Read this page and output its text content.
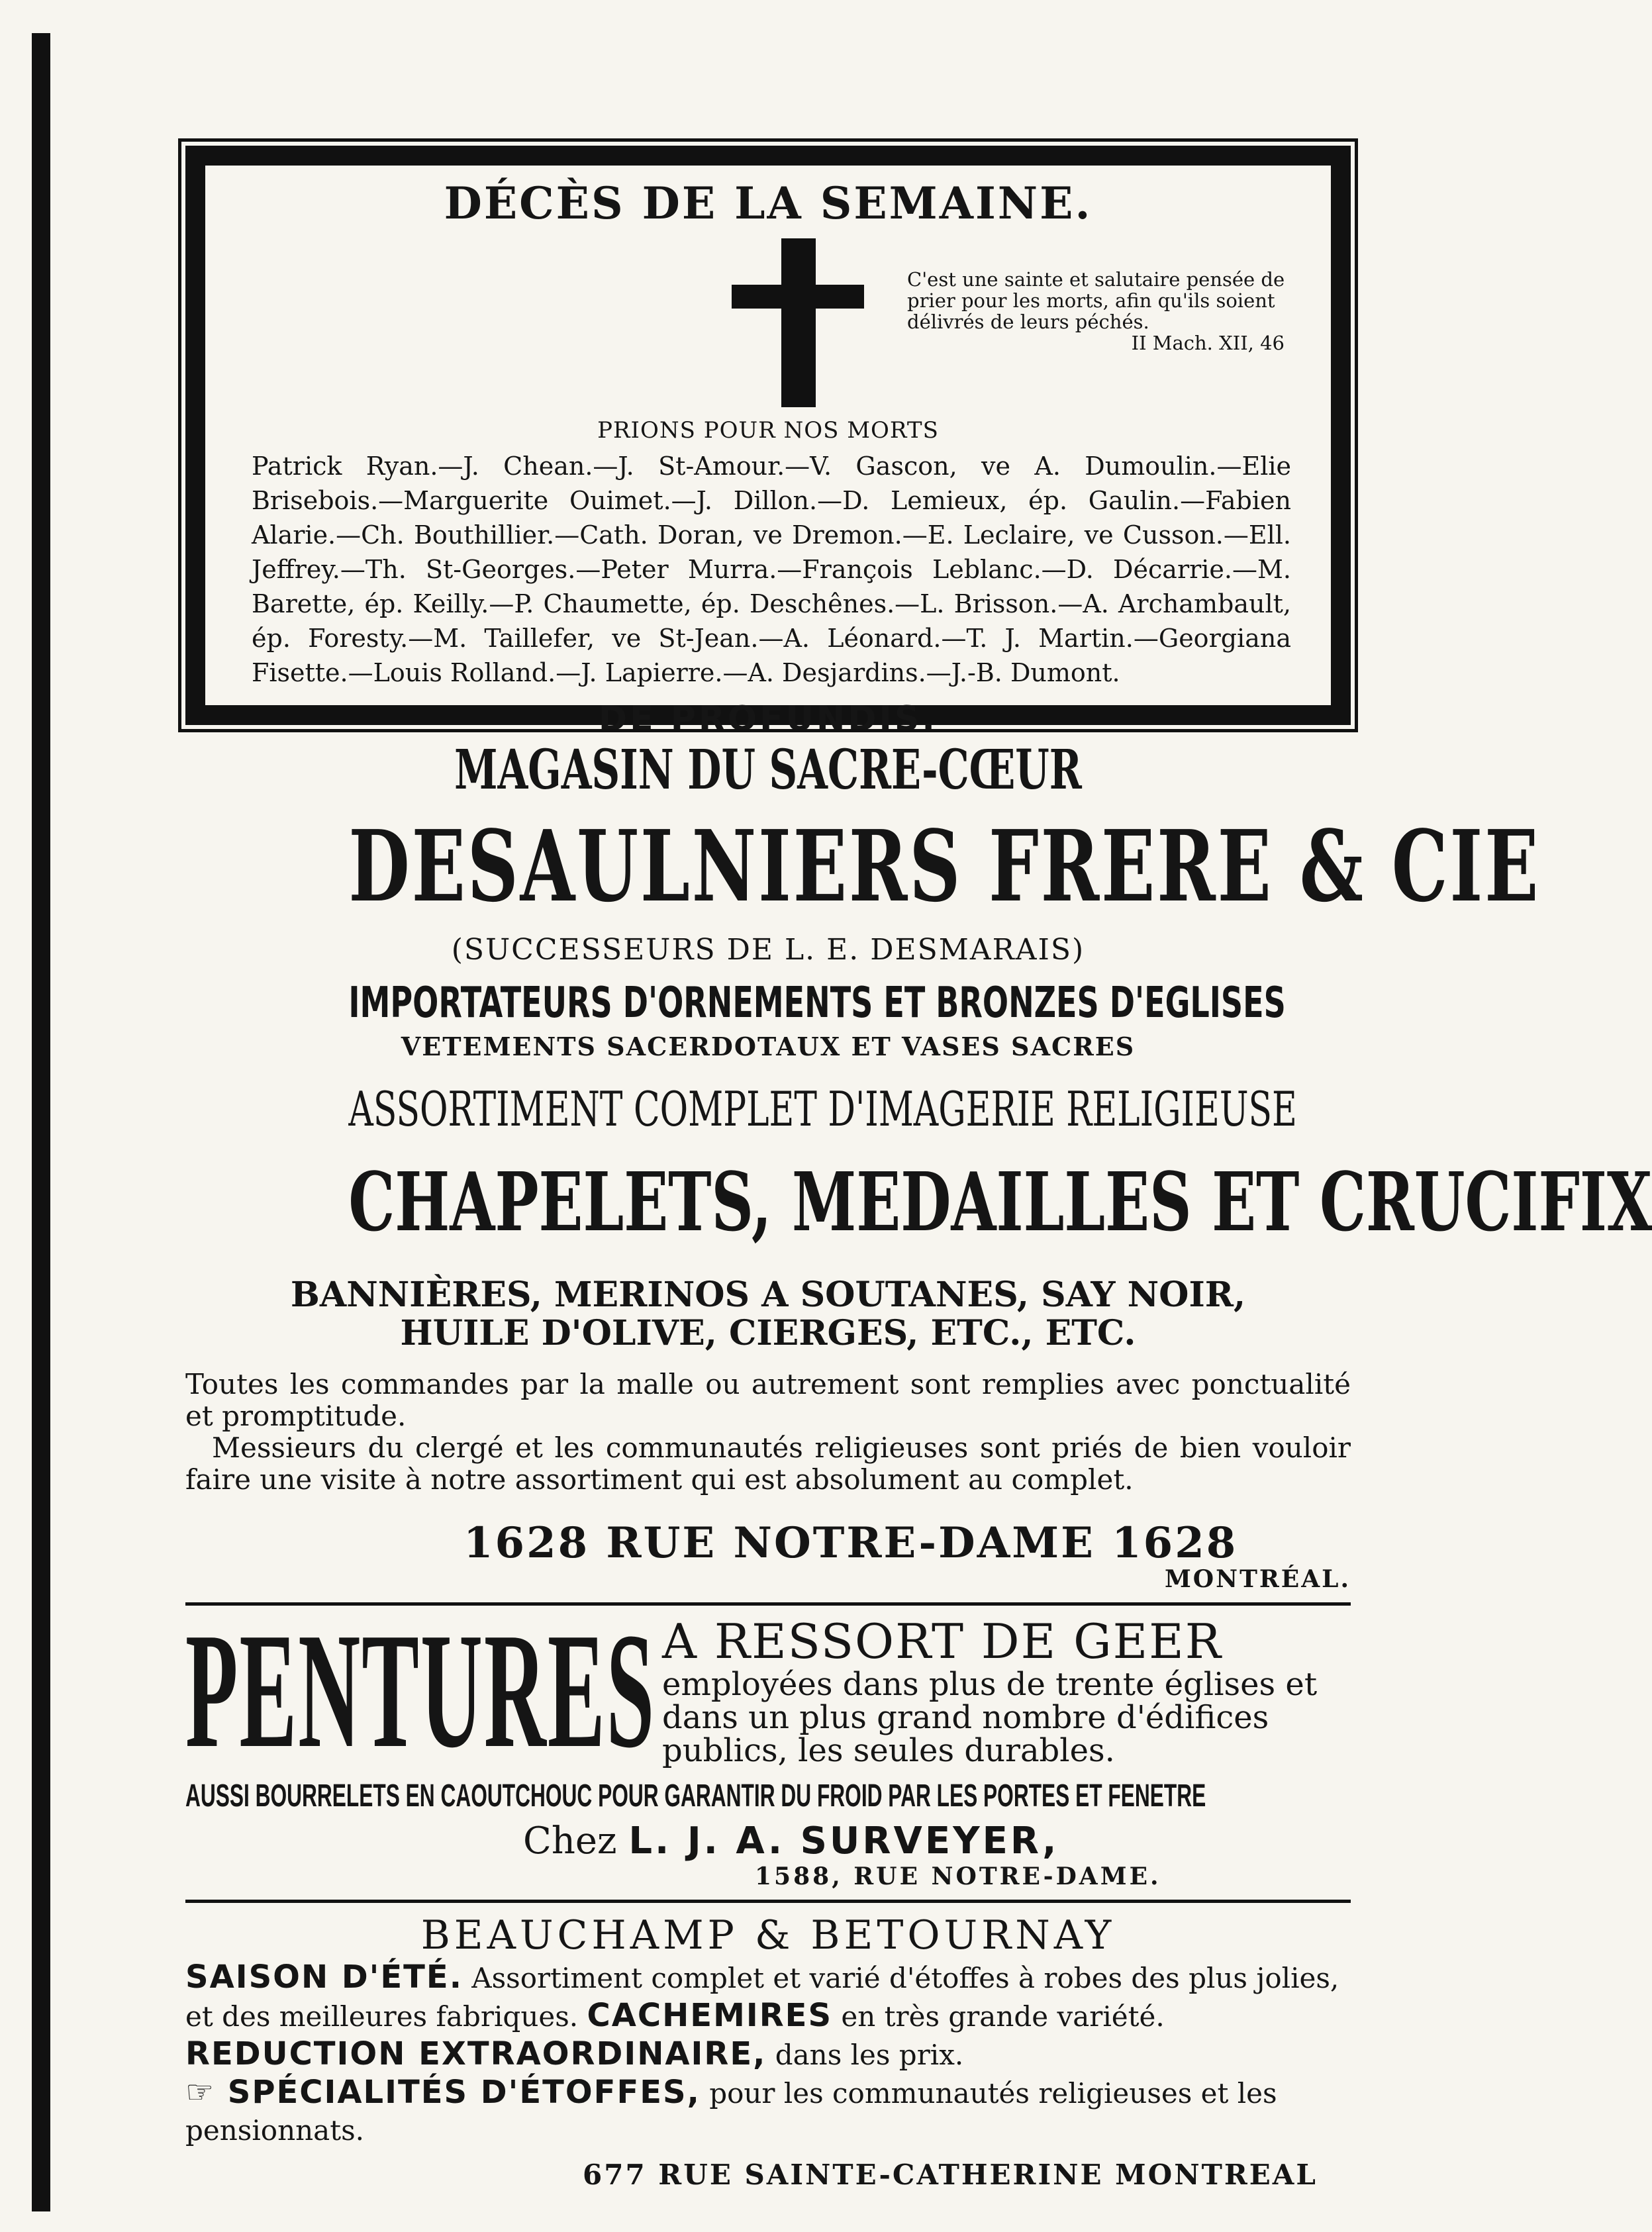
DÉCÈS DE LA SEMAINE.
C'est une sainte et salutaire pensée de prier pour les morts, afin qu'ils soient délivrés de leurs péchés.
II Mach. XII, 46
PRIONS POUR NOS MORTS

Patrick Ryan.—J. Chean.—J. St-Amour.—V. Gascon, ve A. Dumoulin.—Elie Brisebois.—Marguerite Ouimet.—J. Dillon.—D. Lemieux, ép. Gaulin.—Fabien Alarie.—Ch. Bouthillier.—Cath. Doran, ve Dremon.—E. Leclaire, ve Cusson.—Ell. Jeffrey.—Th. St-Georges.—Peter Murra.—François Leblanc.—D. Décarrie.—M. Barette, ép. Keilly.—P. Chaumette, ép. Deschênes.—L. Brisson.—A. Archambault, ép. Foresty.—M. Taillefer, ve St-Jean.—A. Léonard.—T. J. Martin.—Georgiana Fisette.—Louis Rolland.—J. Lapierre.—A. Desjardins.—J.-B. Dumont.

DE PROFUNDIS.
MAGASIN DU SACRE-CŒUR
DESAULNIERS FRERE & CIE
(SUCCESSEURS DE L. E. DESMARAIS)
IMPORTATEURS D'ORNEMENTS ET BRONZES D'EGLISES
VETEMENTS SACERDOTAUX ET VASES SACRES
ASSORTIMENT COMPLET D'IMAGERIE RELIGIEUSE
CHAPELETS, MEDAILLES ET CRUCIFIX
BANNIÈRES, MERINOS A SOUTANES, SAY NOIR,
HUILE D'OLIVE, CIERGES, ETC., ETC.

Toutes les commandes par la malle ou autrement sont remplies avec ponctualité et promptitude.

Messieurs du clergé et les communautés religieuses sont priés de bien vouloir faire une visite à notre assortiment qui est absolument au complet.

1628 RUE NOTRE-DAME 1628
MONTRÉAL.
PENTURES A RESSORT DE GEER
employées dans plus de trente églises et dans un plus grand nombre d'édifices publics, les seules durables.
AUSSI BOURRELETS EN CAOUTCHOUC POUR GARANTIR DU FROID PAR LES PORTES ET FENETRE
Chez L. J. A. SURVEYER,
1588, RUE NOTRE-DAME.
BEAUCHAMP & BETOURNAY

SAISON D'ÉTÉ. Assortiment complet et varié d'étoffes à robes des plus jolies, et des meilleures fabriques. CACHEMIRES en très grande variété.

REDUCTION EXTRAORDINAIRE, dans les prix.

☞ SPÉCIALITÉS D'ÉTOFFES, pour les communautés religieuses et les pensionnats.

677 RUE SAINTE-CATHERINE MONTREAL
